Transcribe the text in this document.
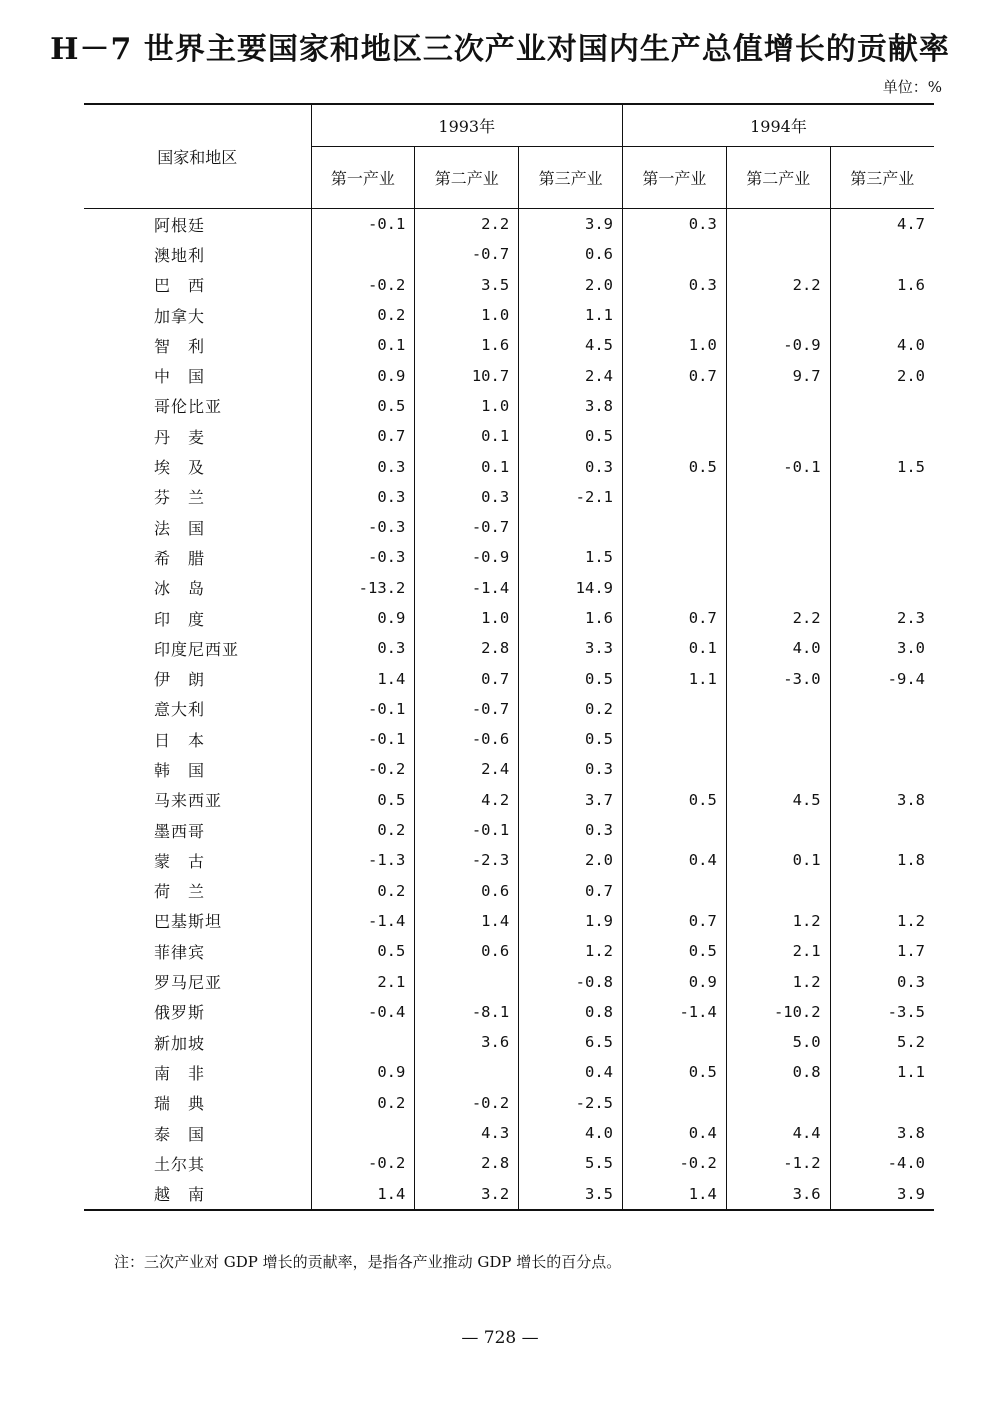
H－7 世界主要国家和地区三次产业对国内生产总值增长的贡献率
单位：%
国家和地区	1993年			1994年		
	第一产业	第二产业	第三产业	第一产业	第二产业	第三产业
阿根廷	-0.1	2.2	3.9	0.3		4.7
澳地利		-0.7	0.6			
巴　西	-0.2	3.5	2.0	0.3	2.2	1.6
加拿大	0.2	1.0	1.1			
智　利	0.1	1.6	4.5	1.0	-0.9	4.0
中　国	0.9	10.7	2.4	0.7	9.7	2.0
哥伦比亚	0.5	1.0	3.8			
丹　麦	0.7	0.1	0.5			
埃　及	0.3	0.1	0.3	0.5	-0.1	1.5
芬　兰	0.3	0.3	-2.1			
法　国	-0.3	-0.7				
希　腊	-0.3	-0.9	1.5			
冰　岛	-13.2	-1.4	14.9			
印　度	0.9	1.0	1.6	0.7	2.2	2.3
印度尼西亚	0.3	2.8	3.3	0.1	4.0	3.0
伊　朗	1.4	0.7	0.5	1.1	-3.0	-9.4
意大利	-0.1	-0.7	0.2			
日　本	-0.1	-0.6	0.5			
韩　国	-0.2	2.4	0.3			
马来西亚	0.5	4.2	3.7	0.5	4.5	3.8
墨西哥	0.2	-0.1	0.3			
蒙　古	-1.3	-2.3	2.0	0.4	0.1	1.8
荷　兰	0.2	0.6	0.7			
巴基斯坦	-1.4	1.4	1.9	0.7	1.2	1.2
菲律宾	0.5	0.6	1.2	0.5	2.1	1.7
罗马尼亚	2.1		-0.8	0.9	1.2	0.3
俄罗斯	-0.4	-8.1	0.8	-1.4	-10.2	-3.5
新加坡		3.6	6.5		5.0	5.2
南　非	0.9		0.4	0.5	0.8	1.1
瑞　典	0.2	-0.2	-2.5			
泰　国		4.3	4.0	0.4	4.4	3.8
土尔其	-0.2	2.8	5.5	-0.2	-1.2	-4.0
越　南	1.4	3.2	3.5	1.4	3.6	3.9
注：三次产业对 GDP 增长的贡献率，是指各产业推动 GDP 增长的百分点。
— 728 —
